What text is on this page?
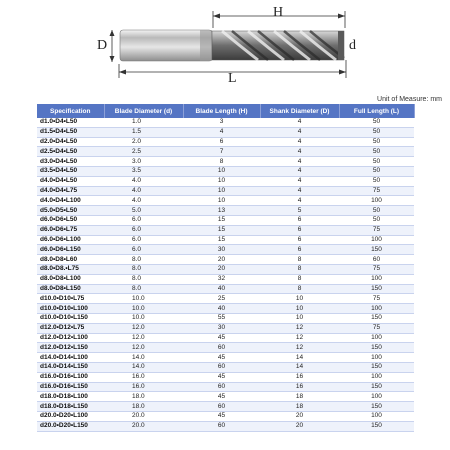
H
D	d
L
Unit of Measure: mm
Specification	Blade Diameter (d)	Blade Length (H)	Shank Diameter (D)	Full Length (L)
d1.0•D4•L50	1.0	3	4	50
d1.5•D4•L50	1.5	4	4	50
d2.0•D4•L50	2.0	6	4	50
d2.5•D4•L50	2.5	7	4	50
d3.0•D4•L50	3.0	8	4	50
d3.5•D4•L50	3.5	10	4	50
d4.0•D4•L50	4.0	10	4	50
d4.0•D4•L75	4.0	10	4	75
d4.0•D4•L100	4.0	10	4	100
d5.0•D5•L50	5.0	13	5	50
d6.0•D6•L50	6.0	15	6	50
d6.0•D6•L75	6.0	15	6	75
d6.0•D6•L100	6.0	15	6	100
d6.0•D6•L150	6.0	30	6	150
d8.0•D8•L60	8.0	20	8	60
d8.0•D8.•L75	8.0	20	8	75
d8.0•D8•L100	8.0	32	8	100
d8.0•D8•L150	8.0	40	8	150
d10.0•D10•L75	10.0	25	10	75
d10.0•D10•L100	10.0	40	10	100
d10.0•D10•L150	10.0	55	10	150
d12.0•D12•L75	12.0	30	12	75
d12.0•D12•L100	12.0	45	12	100
d12.0•D12•L150	12.0	60	12	150
d14.0•D14•L100	14.0	45	14	100
d14.0•D14•L150	14.0	60	14	150
d16.0•D16•L100	16.0	45	16	100
d16.0•D16•L150	16.0	60	16	150
d18.0•D18•L100	18.0	45	18	100
d18.0•D18•L150	18.0	60	18	150
d20.0•D20•L100	20.0	45	20	100
d20.0•D20•L150	20.0	60	20	150
